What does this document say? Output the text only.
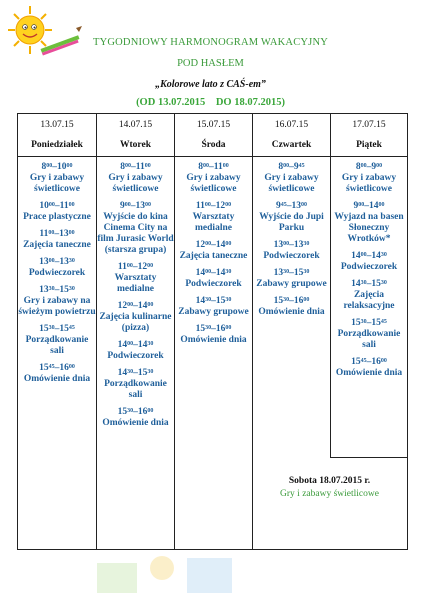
TYGODNIOWY HARMONOGRAM WAKACYJNY
POD HASŁEM
„Kolorowe lato z CAŚ-em”
(OD 13.07.2015 DO 18.07.2015)
13.07.15
Poniedziałek
$8^{00}-10^{00}$
Gry i zabawy świetlicowe
$10^{00}-11^{00}$
Prace plastyczne
$11^{00}-13^{00}$
Zajęcia taneczne
$13^{00}-13^{30}$
Podwieczorek
$13^{30}-15^{30}$
Gry i zabawy na świeżym powietrzu
$15^{30}-15^{45}$
Porządkowanie sali
$15^{45}-16^{00}$
Omówienie dnia
14.07.15
Wtorek
$8^{00}-11^{00}$
Gry i zabawy świetlicowe
$9^{00}-13^{00}$
Wyjście do kina Cinema City na film Jurasic World (starsza grupa)
$11^{00}-12^{00}$
Warsztaty medialne
$12^{00}-14^{00}$
Zajęcia kulinarne (pizza)
$14^{00}-14^{30}$
Podwieczorek
$14^{30}-15^{30}$
Porządkowanie sali
$15^{30}-16^{00}$
Omówienie dnia
15.07.15
Środa
$8^{00}-11^{00}$
Gry i zabawy świetlicowe
$11^{00}-12^{00}$
Warsztaty medialne
$12^{00}-14^{00}$
Zajęcia taneczne
$14^{00}-14^{30}$
Podwieczorek
$14^{30}-15^{30}$
Zabawy grupowe
$15^{30}-16^{00}$
Omówienie dnia
16.07.15
Czwartek
$8^{00}-9^{45}$
Gry i zabawy świetlicowe
$9^{45}-13^{00}$
Wyjście do Jupi Parku
$13^{00}-13^{30}$
Podwieczorek
$13^{30}-15^{30}$
Zabawy grupowe
$15^{30}-16^{00}$
Omówienie dnia
17.07.15
Piątek
$8^{00}-9^{00}$
Gry i zabawy świetlicowe
$9^{00}-14^{00}$
Wyjazd na basen Słoneczny Wrotków*
$14^{00}-14^{30}$
Podwieczorek
$14^{30}-15^{30}$
Zajęcia relaksacyjne
$15^{30}-15^{45}$
Porządkowanie sali
$15^{45}-16^{00}$
Omówienie dnia
Sobota 18.07.2015 r.
Gry i zabawy świetlicowe
